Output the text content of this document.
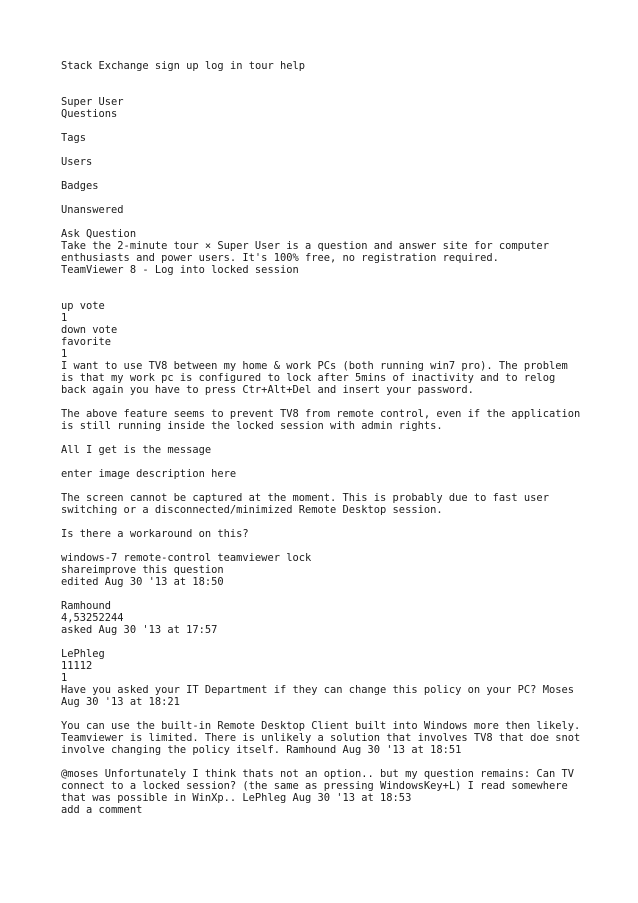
Stack Exchange sign up log in tour help
Super User
Questions
Tags
Users
Badges
Unanswered
Ask Question
Take the 2-minute tour × Super User is a question and answer site for computer enthusiasts and power users. It's 100% free, no registration required.
TeamViewer 8 - Log into locked session
up vote
1
down vote
favorite
1
I want to use TV8 between my home & work PCs (both running win7 pro). The problem is that my work pc is configured to lock after 5mins of inactivity and to relog back again you have to press Ctr+Alt+Del and insert your password.
The above feature seems to prevent TV8 from remote control, even if the application is still running inside the locked session with admin rights.
All I get is the message
enter image description here
The screen cannot be captured at the moment. This is probably due to fast user switching or a disconnected/minimized Remote Desktop session.
Is there a workaround on this?
windows-7 remote-control teamviewer lock
shareimprove this question
edited Aug 30 '13 at 18:50
Ramhound
4,53252244
asked Aug 30 '13 at 17:57
LePhleg
11112
1
Have you asked your IT Department if they can change this policy on your PC? Moses Aug 30 '13 at 18:21
You can use the built-in Remote Desktop Client built into Windows more then likely. Teamviewer is limited. There is unlikely a solution that involves TV8 that doe snot involve changing the policy itself. Ramhound Aug 30 '13 at 18:51
@moses Unfortunately I think thats not an option.. but my question remains: Can TV connect to a locked session? (the same as pressing WindowsKey+L) I read somewhere that was possible in WinXp.. LePhleg Aug 30 '13 at 18:53
add a comment
